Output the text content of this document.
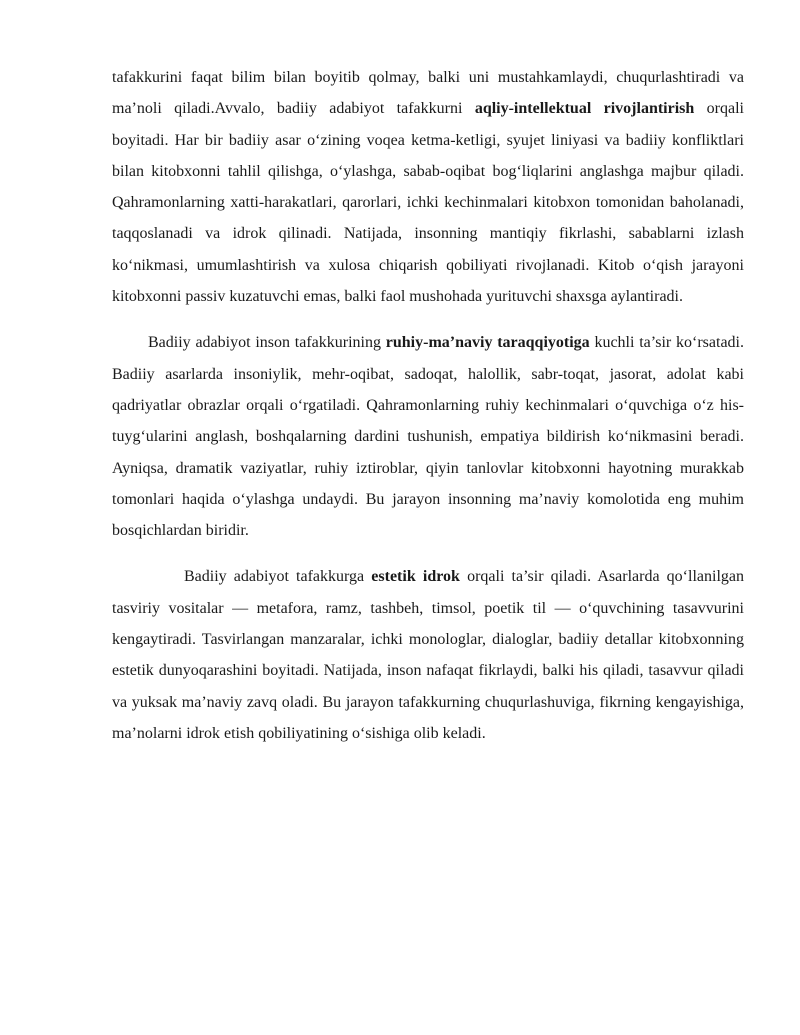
tafakkurini faqat bilim bilan boyitib qolmay, balki uni mustahkamlaydi, chuqurlashtiradi va ma’noli qiladi.Avvalo, badiiy adabiyot tafakkurni aqliy-intellektual rivojlantirish orqali boyitadi. Har bir badiiy asar o‘zining voqea ketma-ketligi, syujet liniyasi va badiiy konfliktlari bilan kitobxonni tahlil qilishga, o‘ylashga, sabab-oqibat bog‘liqlarini anglashga majbur qiladi. Qahramonlarning xatti-harakatlari, qarorlari, ichki kechinmalari kitobxon tomonidan baholanadi, taqqoslanadi va idrok qilinadi. Natijada, insonning mantiqiy fikrlashi, sabablarni izlash ko‘nikmasi, umumlashtirish va xulosa chiqarish qobiliyati rivojlanadi. Kitob o‘qish jarayoni kitobxonni passiv kuzatuvchi emas, balki faol mushohada yurituvchi shaxsga aylantiradi.

Badiiy adabiyot inson tafakkurining ruhiy-ma’naviy taraqqiyotiga kuchli ta’sir ko‘rsatadi. Badiiy asarlarda insoniylik, mehr-oqibat, sadoqat, halollik, sabr-toqat, jasorat, adolat kabi qadriyatlar obrazlar orqali o‘rgatiladi. Qahramonlarning ruhiy kechinmalari o‘quvchiga o‘z his-tuyg‘ularini anglash, boshqalarning dardini tushunish, empatiya bildirish ko‘nikmasini beradi. Ayniqsa, dramatik vaziyatlar, ruhiy iztiroblar, qiyin tanlovlar kitobxonni hayotning murakkab tomonlari haqida o‘ylashga undaydi. Bu jarayon insonning ma’naviy komolotida eng muhim bosqichlardan biridir.

Badiiy adabiyot tafakkurga estetik idrok orqali ta’sir qiladi. Asarlarda qo‘llanilgan tasviriy vositalar — metafora, ramz, tashbeh, timsol, poetik til — o‘quvchining tasavvurini kengaytiradi. Tasvirlangan manzaralar, ichki monologlar, dialoglar, badiiy detallar kitobxonning estetik dunyoqarashini boyitadi. Natijada, inson nafaqat fikrlaydi, balki his qiladi, tasavvur qiladi va yuksak ma’naviy zavq oladi. Bu jarayon tafakkurning chuqurlashuviga, fikrning kengayishiga, ma’nolarni idrok etish qobiliyatining o‘sishiga olib keladi.
